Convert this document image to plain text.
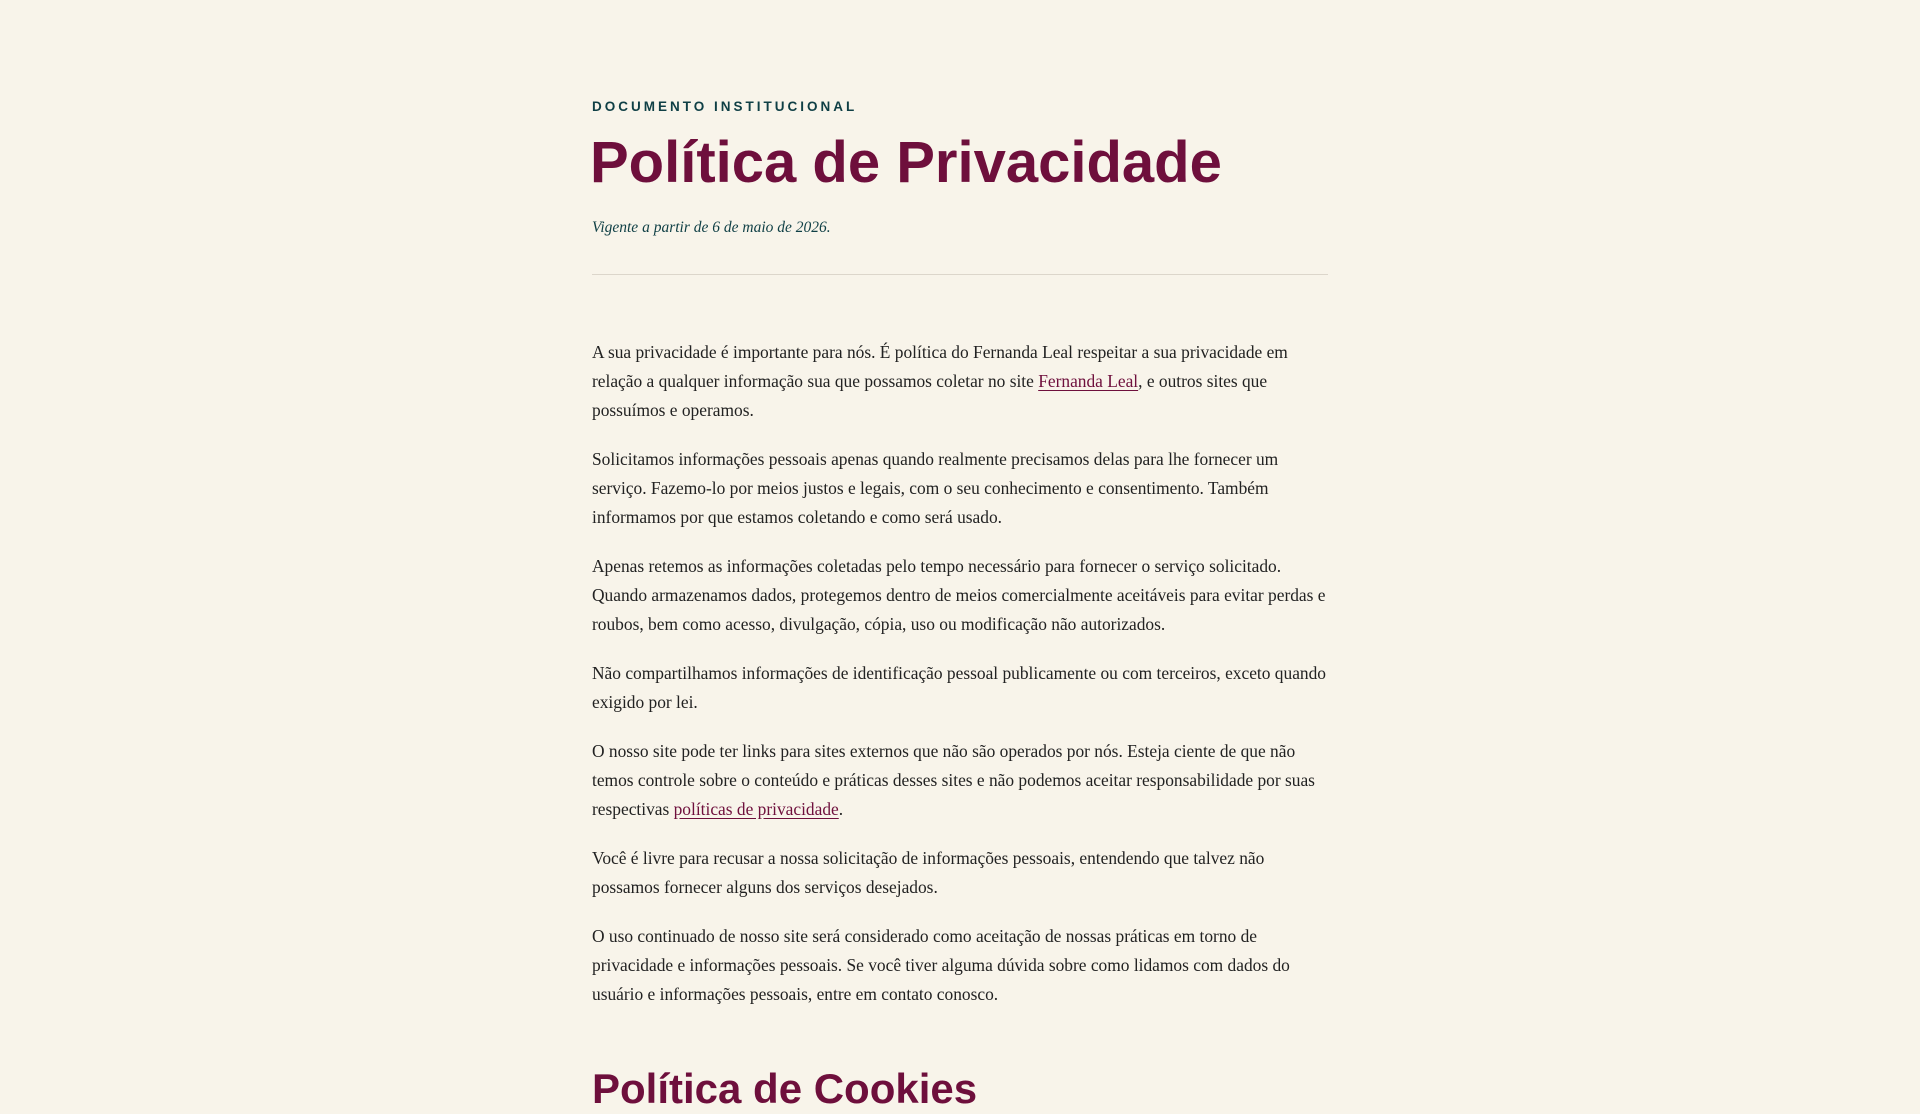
DOCUMENTO INSTITUCIONAL
Política de Privacidade

Vigente a partir de 6 de maio de 2026.

A sua privacidade é importante para nós. É política do Fernanda Leal respeitar a sua privacidade em relação a qualquer informação sua que possamos coletar no site Fernanda Leal, e outros sites que possuímos e operamos.

Solicitamos informações pessoais apenas quando realmente precisamos delas para lhe fornecer um serviço. Fazemo-lo por meios justos e legais, com o seu conhecimento e consentimento. Também informamos por que estamos coletando e como será usado.

Apenas retemos as informações coletadas pelo tempo necessário para fornecer o serviço solicitado. Quando armazenamos dados, protegemos dentro de meios comercialmente aceitáveis para evitar perdas e roubos, bem como acesso, divulgação, cópia, uso ou modificação não autorizados.

Não compartilhamos informações de identificação pessoal publicamente ou com terceiros, exceto quando exigido por lei.

O nosso site pode ter links para sites externos que não são operados por nós. Esteja ciente de que não temos controle sobre o conteúdo e práticas desses sites e não podemos aceitar responsabilidade por suas respectivas políticas de privacidade.

Você é livre para recusar a nossa solicitação de informações pessoais, entendendo que talvez não possamos fornecer alguns dos serviços desejados.

O uso continuado de nosso site será considerado como aceitação de nossas práticas em torno de privacidade e informações pessoais. Se você tiver alguma dúvida sobre como lidamos com dados do usuário e informações pessoais, entre em contato conosco.

Política de Cookies
